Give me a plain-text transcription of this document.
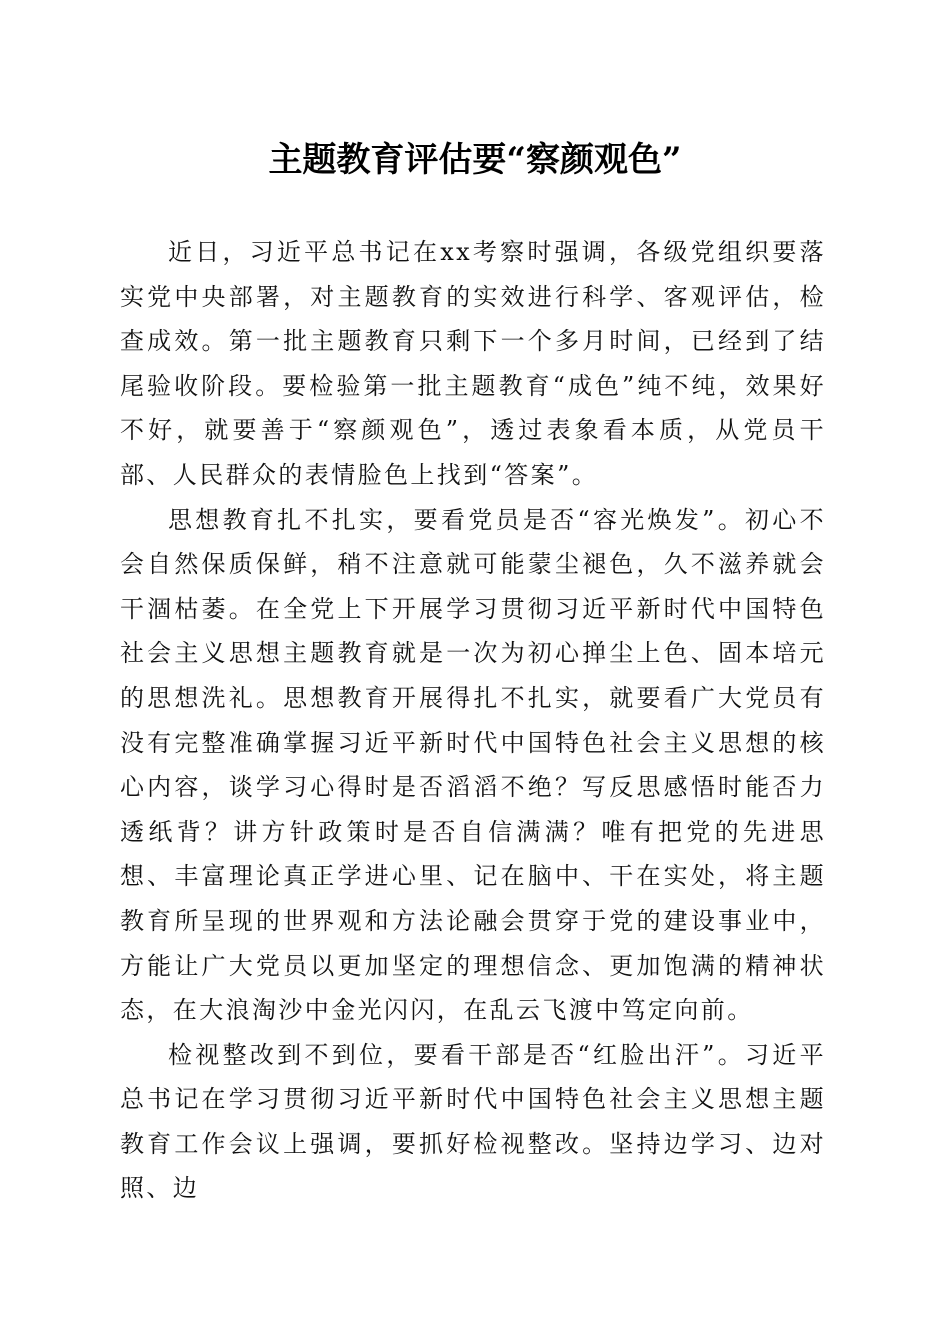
主题教育评估要“察颜观色”

近日，习近平总书记在xx考察时强调，各级党组织要落实党中央部署，对主题教育的实效进行科学、客观评估，检查成效。第一批主题教育只剩下一个多月时间，已经到了结尾验收阶段。要检验第一批主题教育“成色”纯不纯，效果好不好，就要善于“察颜观色”，透过表象看本质，从党员干部、人民群众的表情脸色上找到“答案”。

思想教育扎不扎实，要看党员是否“容光焕发”。初心不会自然保质保鲜，稍不注意就可能蒙尘褪色，久不滋养就会干涸枯萎。在全党上下开展学习贯彻习近平新时代中国特色社会主义思想主题教育就是一次为初心掸尘上色、固本培元的思想洗礼。思想教育开展得扎不扎实，就要看广大党员有没有完整准确掌握习近平新时代中国特色社会主义思想的核心内容，谈学习心得时是否滔滔不绝？写反思感悟时能否力透纸背？讲方针政策时是否自信满满？唯有把党的先进思想、丰富理论真正学进心里、记在脑中、干在实处，将主题教育所呈现的世界观和方法论融会贯穿于党的建设事业中，方能让广大党员以更加坚定的理想信念、更加饱满的精神状态，在大浪淘沙中金光闪闪，在乱云飞渡中笃定向前。

检视整改到不到位，要看干部是否“红脸出汗”。习近平总书记在学习贯彻习近平新时代中国特色社会主义思想主题教育工作会议上强调，要抓好检视整改。坚持边学习、边对照、边
